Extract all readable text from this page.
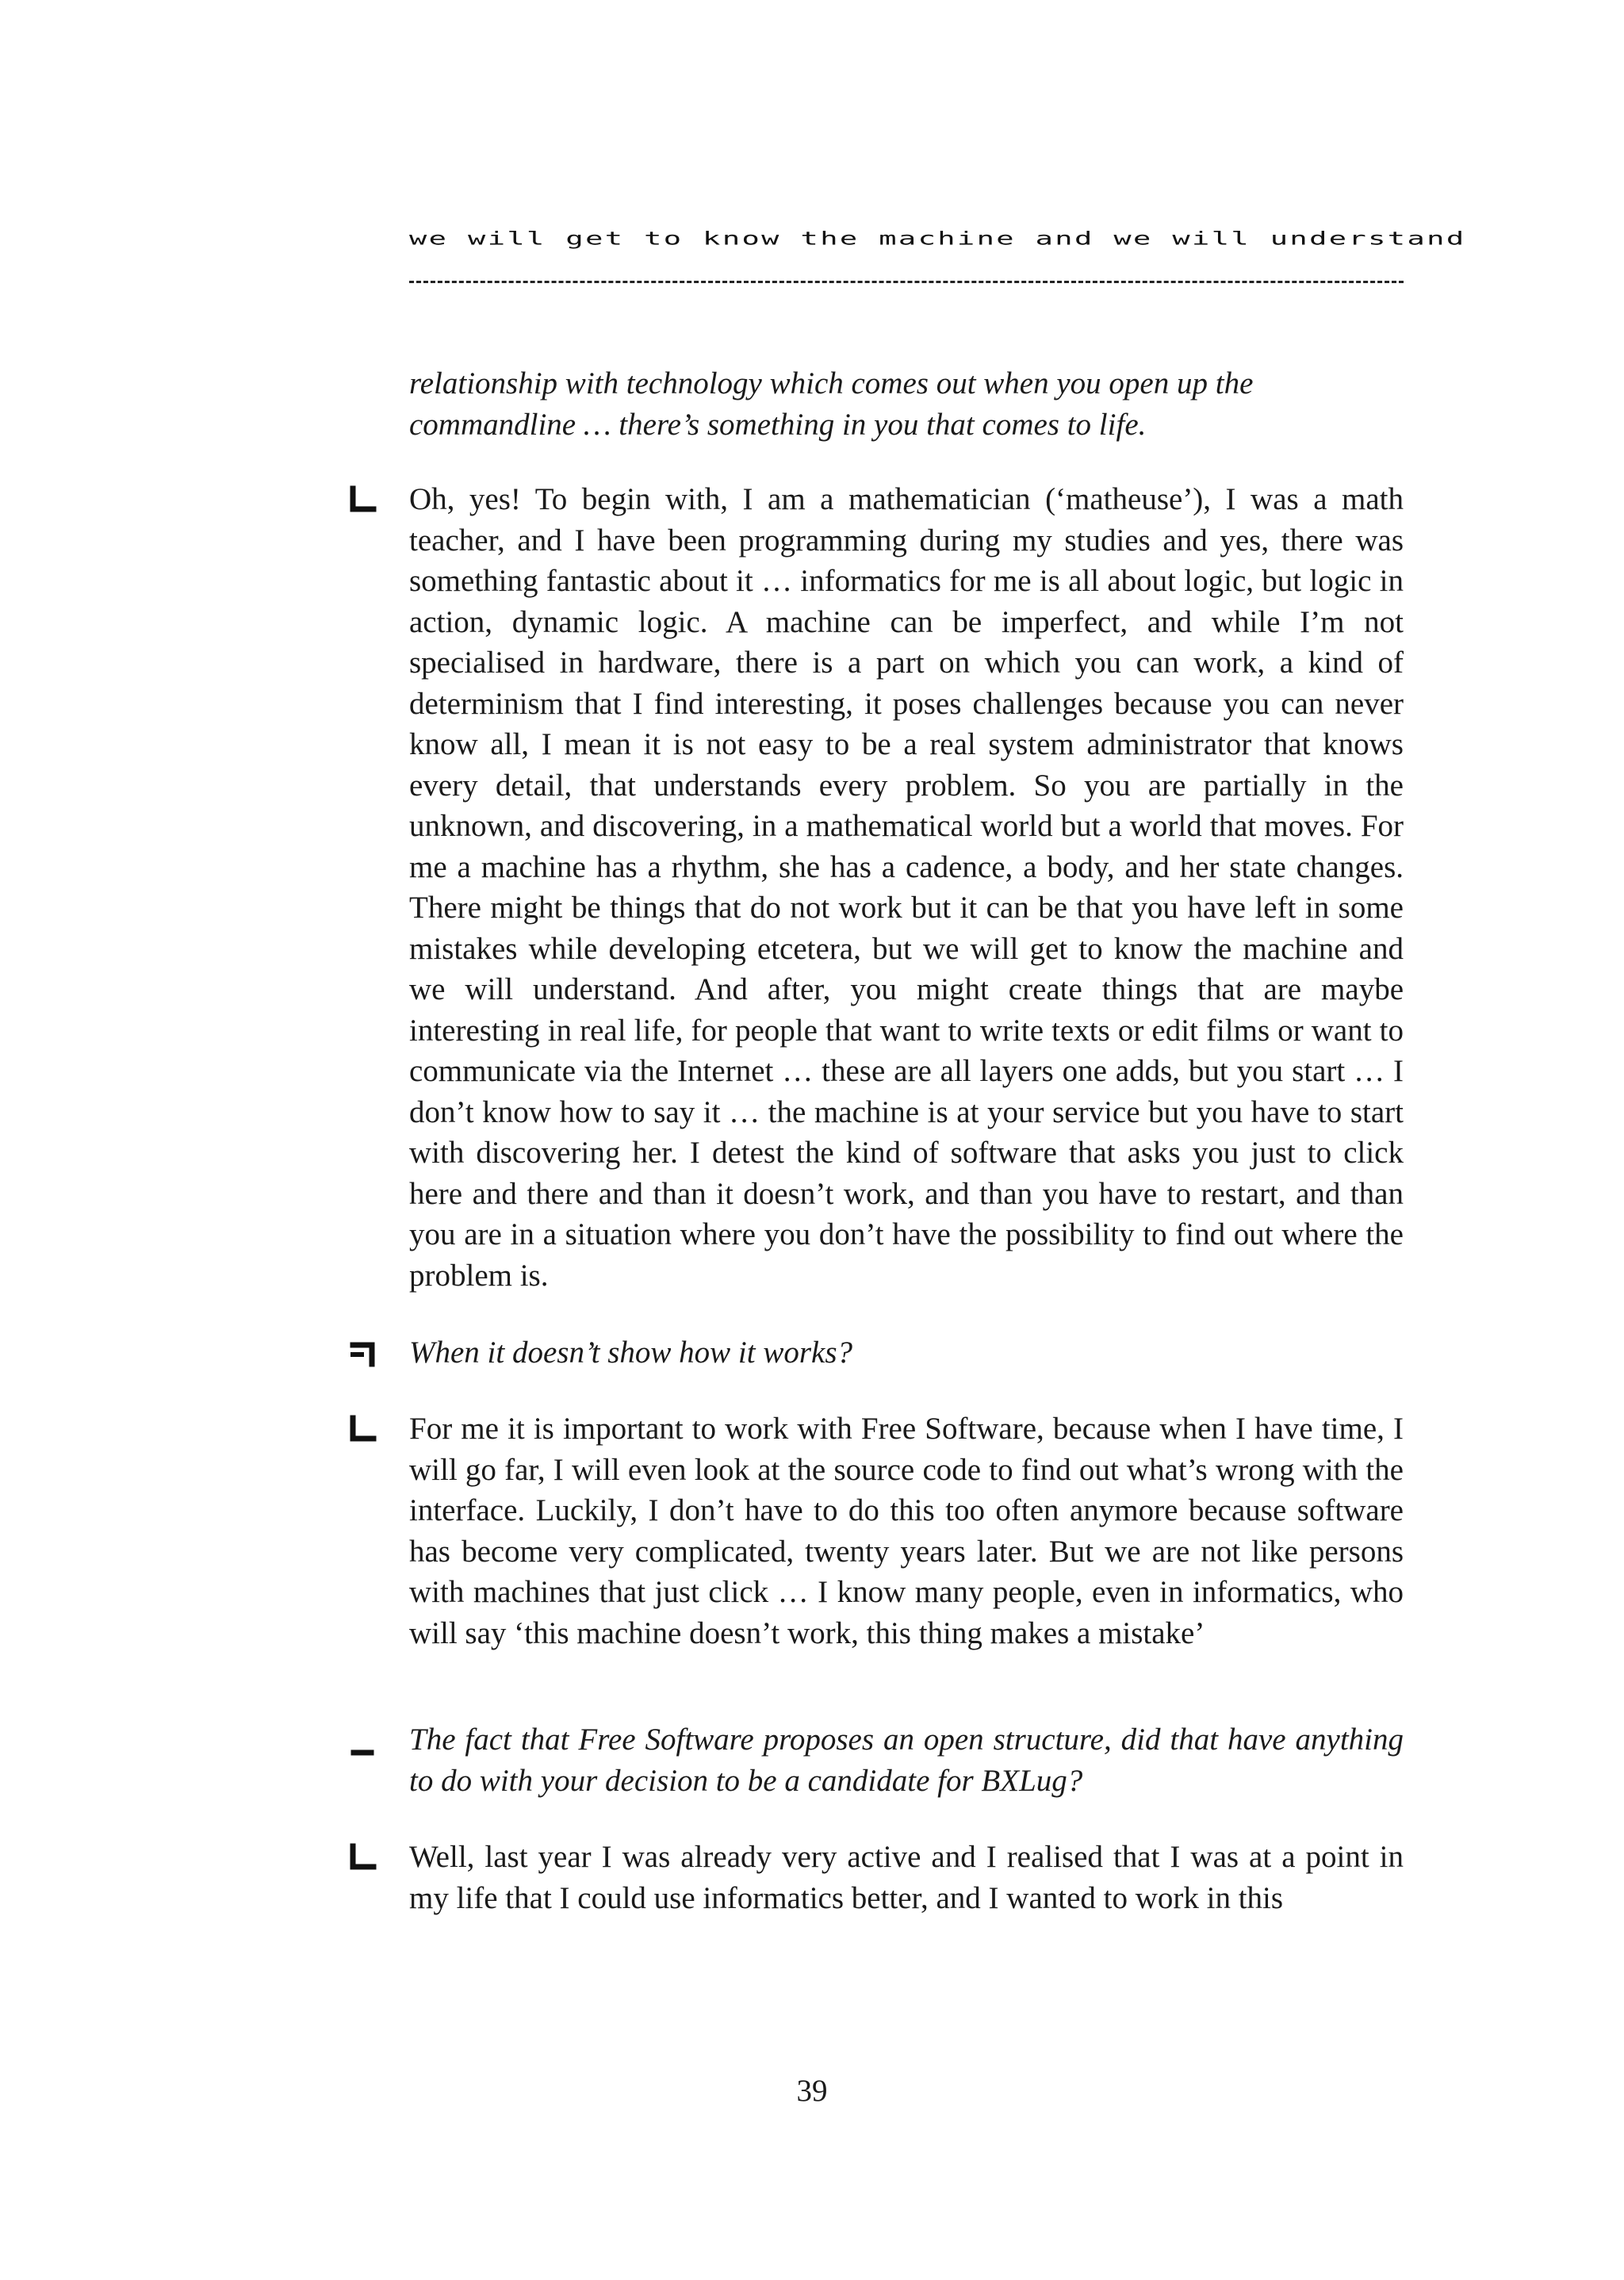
we will get to know the machine and we will understand

relationship with technology which comes out when you open up the commandline … there’s something in you that comes to life.

Oh, yes! To begin with, I am a mathematician (‘matheuse’), I was a math teacher, and I have been programming during my studies and yes, there was something fantastic about it … informatics for me is all about logic, but logic in action, dynamic logic. A machine can be imperfect, and while I’m not specialised in hardware, there is a part on which you can work, a kind of determinism that I find interesting, it poses challenges because you can never know all, I mean it is not easy to be a real system administrator that knows every detail, that understands every problem. So you are partially in the unknown, and discovering, in a mathematical world but a world that moves. For me a machine has a rhythm, she has a cadence, a body, and her state changes. There might be things that do not work but it can be that you have left in some mistakes while developing etcetera, but we will get to know the machine and we will understand. And after, you might create things that are maybe interesting in real life, for people that want to write texts or edit films or want to communicate via the Internet … these are all layers one adds, but you start … I don’t know how to say it … the machine is at your service but you have to start with discovering her. I detest the kind of software that asks you just to click here and there and than it doesn’t work, and than you have to restart, and than you are in a situation where you don’t have the possibility to find out where the problem is.

When it doesn’t show how it works?

For me it is important to work with Free Software, because when I have time, I will go far, I will even look at the source code to find out what’s wrong with the interface. Luckily, I don’t have to do this too often anymore because software has become very complicated, twenty years later. But we are not like persons with machines that just click … I know many people, even in informatics, who will say ‘this machine doesn’t work, this thing makes a mistake’

The fact that Free Software proposes an open structure, did that have anything to do with your decision to be a candidate for BXLug?

Well, last year I was already very active and I realised that I was at a point in my life that I could use informatics better, and I wanted to work in this

39
